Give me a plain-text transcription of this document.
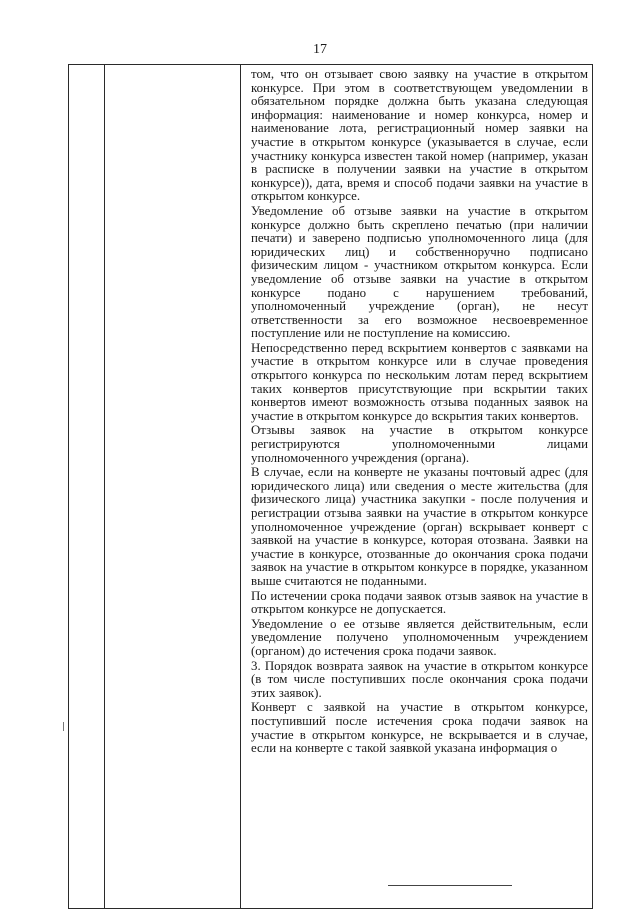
17

том, что он отзывает свою заявку на участие в открытом конкурсе. При этом в соответствующем уведомлении в обязательном порядке должна быть указана следующая информация: наименование и номер конкурса, номер и наименование лота, регистрационный номер заявки на участие в открытом конкурсе (указывается в случае, если участнику конкурса известен такой номер (например, указан в расписке в получении заявки на участие в открытом конкурсе)), дата, время и способ подачи заявки на участие в открытом конкурсе.

Уведомление об отзыве заявки на участие в открытом конкурсе должно быть скреплено печатью (при наличии печати) и заверено подписью уполномоченного лица (для юридических лиц) и собственноручно подписано физическим лицом - участником открытом конкурса. Если уведомление об отзыве заявки на участие в открытом конкурсе подано с нарушением требований, уполномоченный учреждение (орган), не несут ответственности за его возможное несвоевременное поступление или не поступление на комиссию.

Непосредственно перед вскрытием конвертов с заявками на участие в открытом конкурсе или в случае проведения открытого конкурса по нескольким лотам перед вскрытием таких конвертов присутствующие при вскрытии таких конвертов имеют возможность отзыва поданных заявок на участие в открытом конкурсе до вскрытия таких конвертов.

Отзывы заявок на участие в открытом конкурсе регистрируются уполномоченными лицами уполномоченного учреждения (органа).

В случае, если на конверте не указаны почтовый адрес (для юридического лица) или сведения о месте жительства (для физического лица) участника закупки - после получения и регистрации отзыва заявки на участие в открытом конкурсе уполномоченное учреждение (орган) вскрывает конверт с заявкой на участие в конкурсе, которая отозвана. Заявки на участие в конкурсе, отозванные до окончания срока подачи заявок на участие в открытом конкурсе в порядке, указанном выше считаются не поданными.

По истечении срока подачи заявок отзыв заявок на участие в открытом конкурсе не допускается.

Уведомление о ее отзыве является действительным, если уведомление получено уполномоченным учреждением (органом) до истечения срока подачи заявок.

3. Порядок возврата заявок на участие в открытом конкурсе (в том числе поступивших после окончания срока подачи этих заявок).

Конверт с заявкой на участие в открытом конкурсе, поступивший после истечения срока подачи заявок на участие в открытом конкурсе, не вскрывается и в случае, если на конверте с такой заявкой указана информация о
